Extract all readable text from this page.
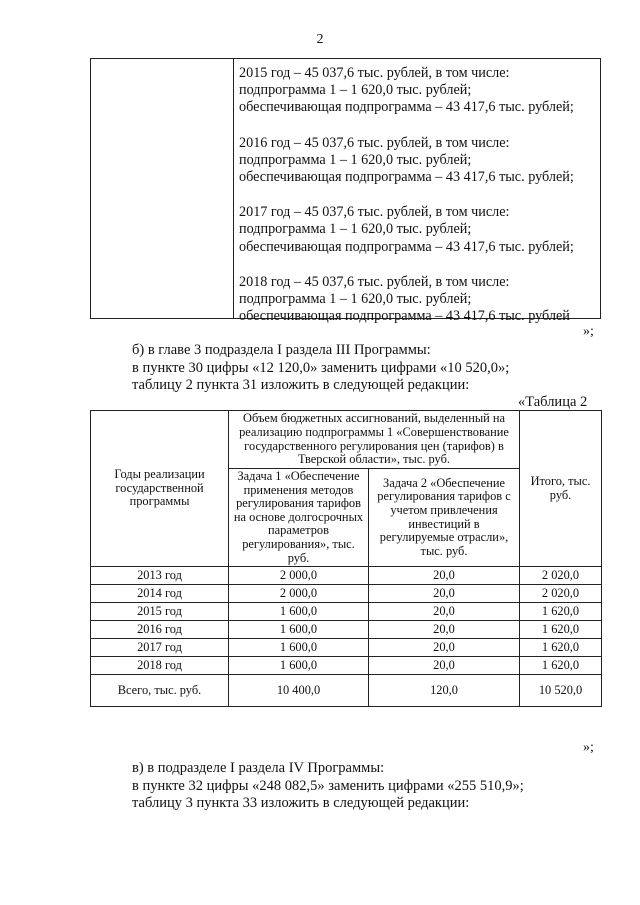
2
2015 год – 45 037,6 тыс. рублей, в том числе:
подпрограмма 1 – 1 620,0 тыс. рублей;
обеспечивающая подпрограмма – 43 417,6 тыс. рублей;
2016 год – 45 037,6 тыс. рублей, в том числе:
подпрограмма 1 – 1 620,0 тыс. рублей;
обеспечивающая подпрограмма – 43 417,6 тыс. рублей;
2017 год – 45 037,6 тыс. рублей, в том числе:
подпрограмма 1 – 1 620,0 тыс. рублей;
обеспечивающая подпрограмма – 43 417,6 тыс. рублей;
2018 год – 45 037,6 тыс. рублей, в том числе:
подпрограмма 1 – 1 620,0 тыс. рублей;
обеспечивающая подпрограмма – 43 417,6 тыс. рублей
»;
б) в главе 3 подраздела I раздела III Программы:
в пункте 30 цифры «12 120,0» заменить цифрами «10 520,0»;
таблицу 2 пункта 31 изложить в следующей редакции:
«Таблица 2
Годы реализации государственной программы	Объем бюджетных ассигнований, выделенный на реализацию подпрограммы 1 «Совершенствование государственного регулирования цен (тарифов) в Тверской области», тыс. руб.		Итого, тыс. руб.
	Задача 1 «Обеспечение применения методов регулирования тарифов на основе долгосрочных параметров регулирования», тыс. руб.	Задача 2 «Обеспечение регулирования тарифов с учетом привлечения инвестиций в регулируемые отрасли», тыс. руб.	
2013 год	2 000,0	20,0	2 020,0
2014 год	2 000,0	20,0	2 020,0
2015 год	1 600,0	20,0	1 620,0
2016 год	1 600,0	20,0	1 620,0
2017 год	1 600,0	20,0	1 620,0
2018 год	1 600,0	20,0	1 620,0
Всего, тыс. руб.	10 400,0	120,0	10 520,0
»;
в) в подразделе I раздела IV Программы:
в пункте 32 цифры «248 082,5» заменить цифрами «255 510,9»;
таблицу 3 пункта 33 изложить в следующей редакции:
